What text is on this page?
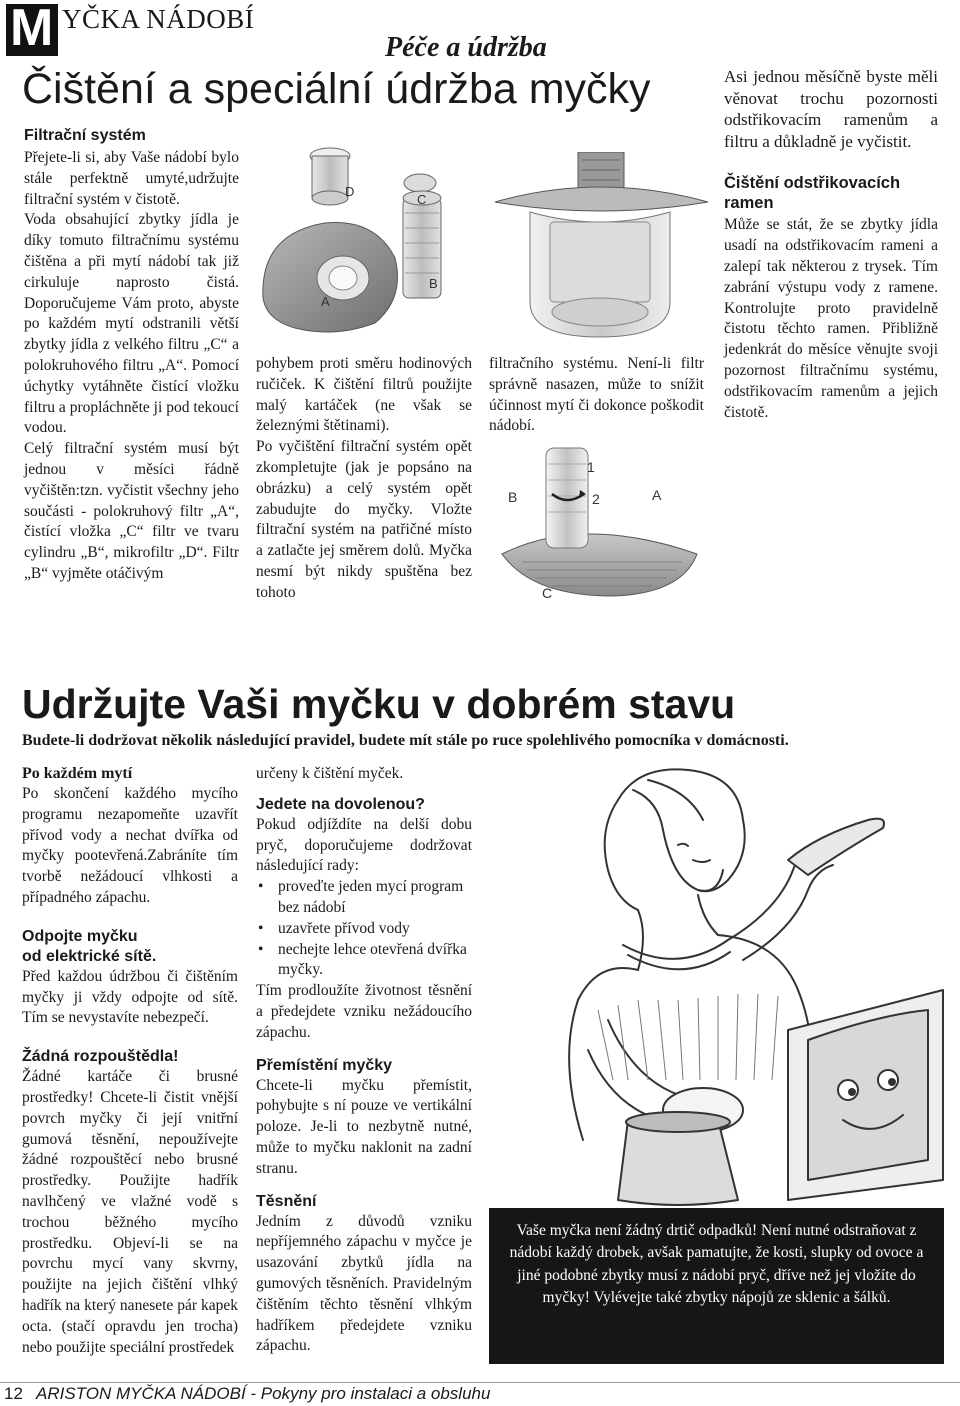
M YČKA NÁDOBÍ
Péče a údržba
Čištění a speciální údržba myčky
Filtrační systém

Přejete-li si, aby Vaše nádobí bylo stále perfektně umyté,udržujte filtrační systém v čistotě.

Voda obsahující zbytky jídla je díky tomuto filtračnímu systému čištěna a při mytí nádobí tak již cirkuluje naprosto čistá. Doporučujeme Vám proto, abyste po každém mytí odstranili větší zbytky jídla z velkého filtru „C“ a polokruhového filtru „A“. Pomocí úchytky vytáhněte čistící vložku filtru a propláchněte ji pod tekoucí vodou.

Celý filtrační systém musí být jednou v měsíci řádně vyčištěn:tzn. vyčistit všechny jeho součásti - polokruhový filtr „A“, čistící vložka „C“ filtr ve tvaru cylindru „B“, mikrofiltr „D“. Filtr „B“ vyjměte otáčivým

D
C
B
A

pohybem proti směru hodinových ručiček. K čištění filtrů použijte malý kartáček (ne však se železnými štětinami).

Po vyčištění filtrační systém opět zkompletujte (jak je popsáno na obrázku) a celý systém opět zabudujte do myčky. Vložte filtrační systém na patřičné místo a zatlačte jej směrem dolů. Myčka nesmí být nikdy spuštěna bez tohoto

filtračního systému. Není-li filtr správně nasazen, může to snížit účinnost mytí či dokonce poškodit nádobí.

1
2
B	A
C
Asi jednou měsíčně byste měli věnovat trochu pozornosti odstřikovacím ramenům a filtru a důkladně je vyčistit.
Čištění odstřikovacích ramen
Může se stát, že se zbytky jídla usadí na odstřikovacím rameni a zalepí tak některou z trysek. Tím zabrání výstupu vody z ramene. Kontrolujte proto pravidelně čistotu těchto ramen. Přibližně jedenkrát do měsíce věnujte svoji pozornost filtračnímu systému, odstřikovacím ramenům a jejich čistotě.
Udržujte Vaši myčku v dobrém stavu
Budete-li dodržovat několik následující pravidel, budete mít stále po ruce spolehlivého pomocníka v domácnosti.
Po každém mytí
Po skončení každého mycího programu nezapomeňte uzavřít přívod vody a nechat dvířka od myčky pootevřená.Zabráníte tím tvorbě nežádoucí vlhkosti a případného zápachu.
Odpojte myčku
od elektrické sítě.
Před každou údržbou či čištěním myčky ji vždy odpojte od sítě. Tím se nevystavíte nebezpečí.
Žádná rozpouštědla!
Žádné kartáče či brusné prostředky! Chcete-li čistit vnější povrch myčky či její vnitřní gumová těsnění, nepoužívejte žádné rozpouštěcí nebo brusné prostředky. Použijte hadřík navlhčený ve vlažné vodě s trochou běžného mycího prostředku. Objeví-li se na povrchu mycí vany skvrny, použijte na jejich čištění vlhký hadřík na který nanesete pár kapek octa. (stačí opravdu jen trocha) nebo použijte speciální prostředek
určeny k čištění myček.
Jedete na dovolenou?
Pokud odjíždíte na delší dobu pryč, doporučujeme dodržovat následující rady:
• proveďte jeden mycí program bez nádobí
• uzavřete přívod vody
• nechejte lehce otevřená dvířka myčky.
Tím prodloužíte životnost těsnění a předejdete vzniku nežádoucího zápachu.
Přemístění myčky
Chcete-li myčku přemístit, pohybujte s ní pouze ve vertikální poloze. Je-li to nezbytně nutné, může to myčku naklonit na zadní stranu.
Těsnění
Jedním z důvodů vzniku nepříjemného zápachu v myčce je usazování zbytků jídla na gumových těsněních. Pravidelným čištěním těchto těsnění vlhkým hadříkem předejdete vzniku zápachu.
Vaše myčka není žádný drtič odpadků! Není nutné odstraňovat z nádobí každý drobek, avšak pamatujte, že kosti, slupky od ovoce a jiné podobné zbytky musí z nádobí pryč, dříve než jej vložíte do myčky! Vylévejte také zbytky nápojů ze sklenic a šálků.
12 ARISTON MYČKA NÁDOBÍ - Pokyny pro instalaci a obsluhu
